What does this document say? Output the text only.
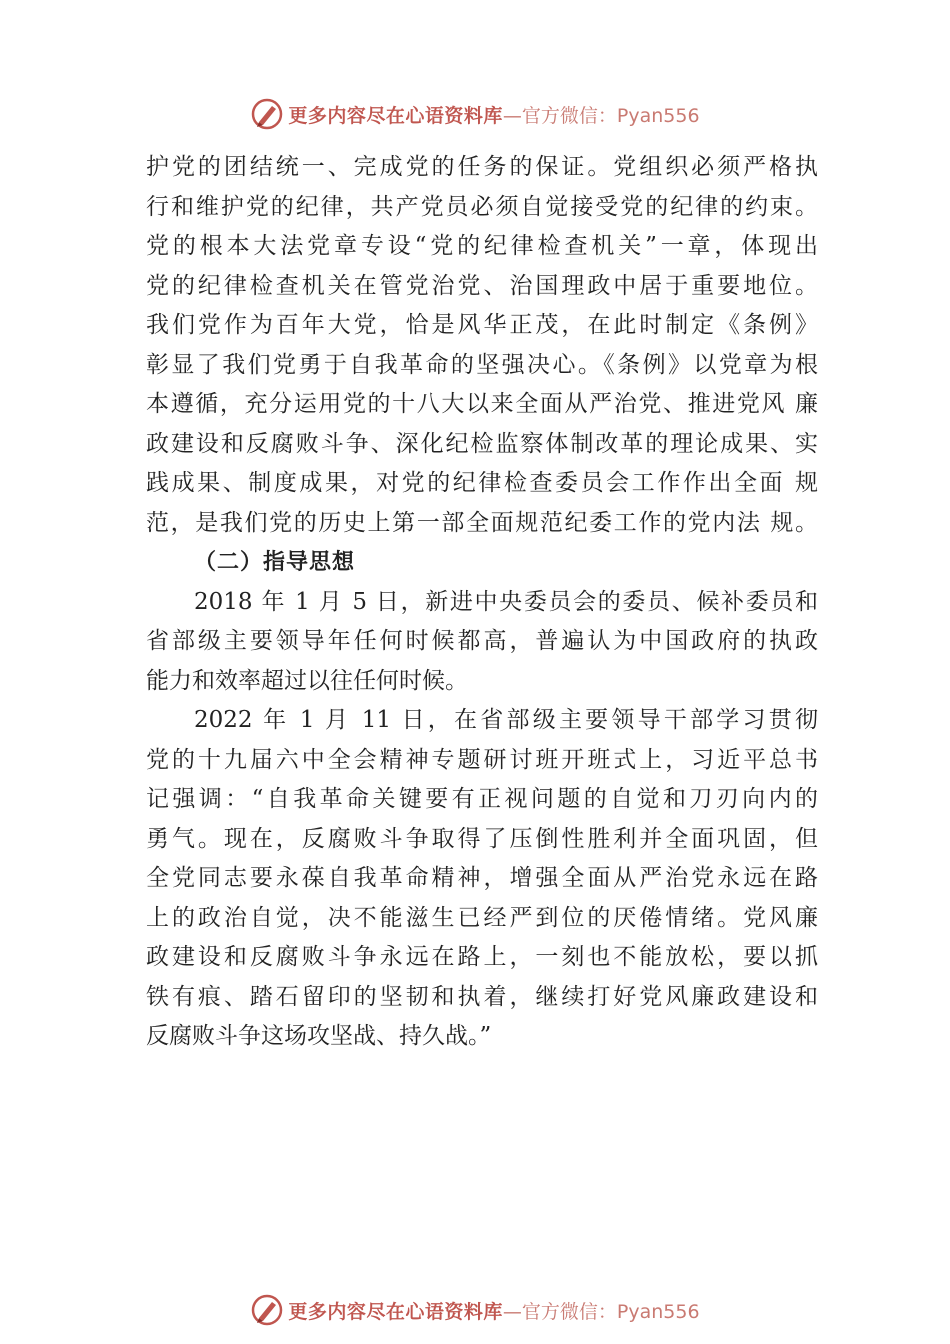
更多内容尽在心语资料库 —官方微信：Pyan556
护党的团结统一、完成党的任务的保证。党组织必须严格执
行和维护党的纪律，共产党员必须自觉接受党的纪律的约束。
党的根本大法党章专设“党的纪律检查机关”一章，体现出
党的纪律检查机关在管党治党、治国理政中居于重要地位。
我们党作为百年大党，恰是风华正茂，在此时制定《条例》
彰显了我们党勇于自我革命的坚强决心。《条例》以党章为根
本遵循，充分运用党的十八大以来全面从严治党、推进党风 廉
政建设和反腐败斗争、深化纪检监察体制改革的理论成果、实
践成果、制度成果，对党的纪律检查委员会工作作出全面 规
范，是我们党的历史上第一部全面规范纪委工作的党内法 规。
（二）指导思想
2018 年 1 月 5 日，新进中央委员会的委员、候补委员和
省部级主要领导年任何时候都高，普遍认为中国政府的执政
能力和效率超过以往任何时候。
2022 年 1 月 11 日，在省部级主要领导干部学习贯彻
党的十九届六中全会精神专题研讨班开班式上，习近平总书
记强调：“自我革命关键要有正视问题的自觉和刀刃向内的
勇气。现在，反腐败斗争取得了压倒性胜利并全面巩固，但
全党同志要永葆自我革命精神，增强全面从严治党永远在路
上的政治自觉，决不能滋生已经严到位的厌倦情绪。党风廉
政建设和反腐败斗争永远在路上，一刻也不能放松，要以抓
铁有痕、踏石留印的坚韧和执着，继续打好党风廉政建设和
反腐败斗争这场攻坚战、持久战。”
更多内容尽在心语资料库 —官方微信：Pyan556
